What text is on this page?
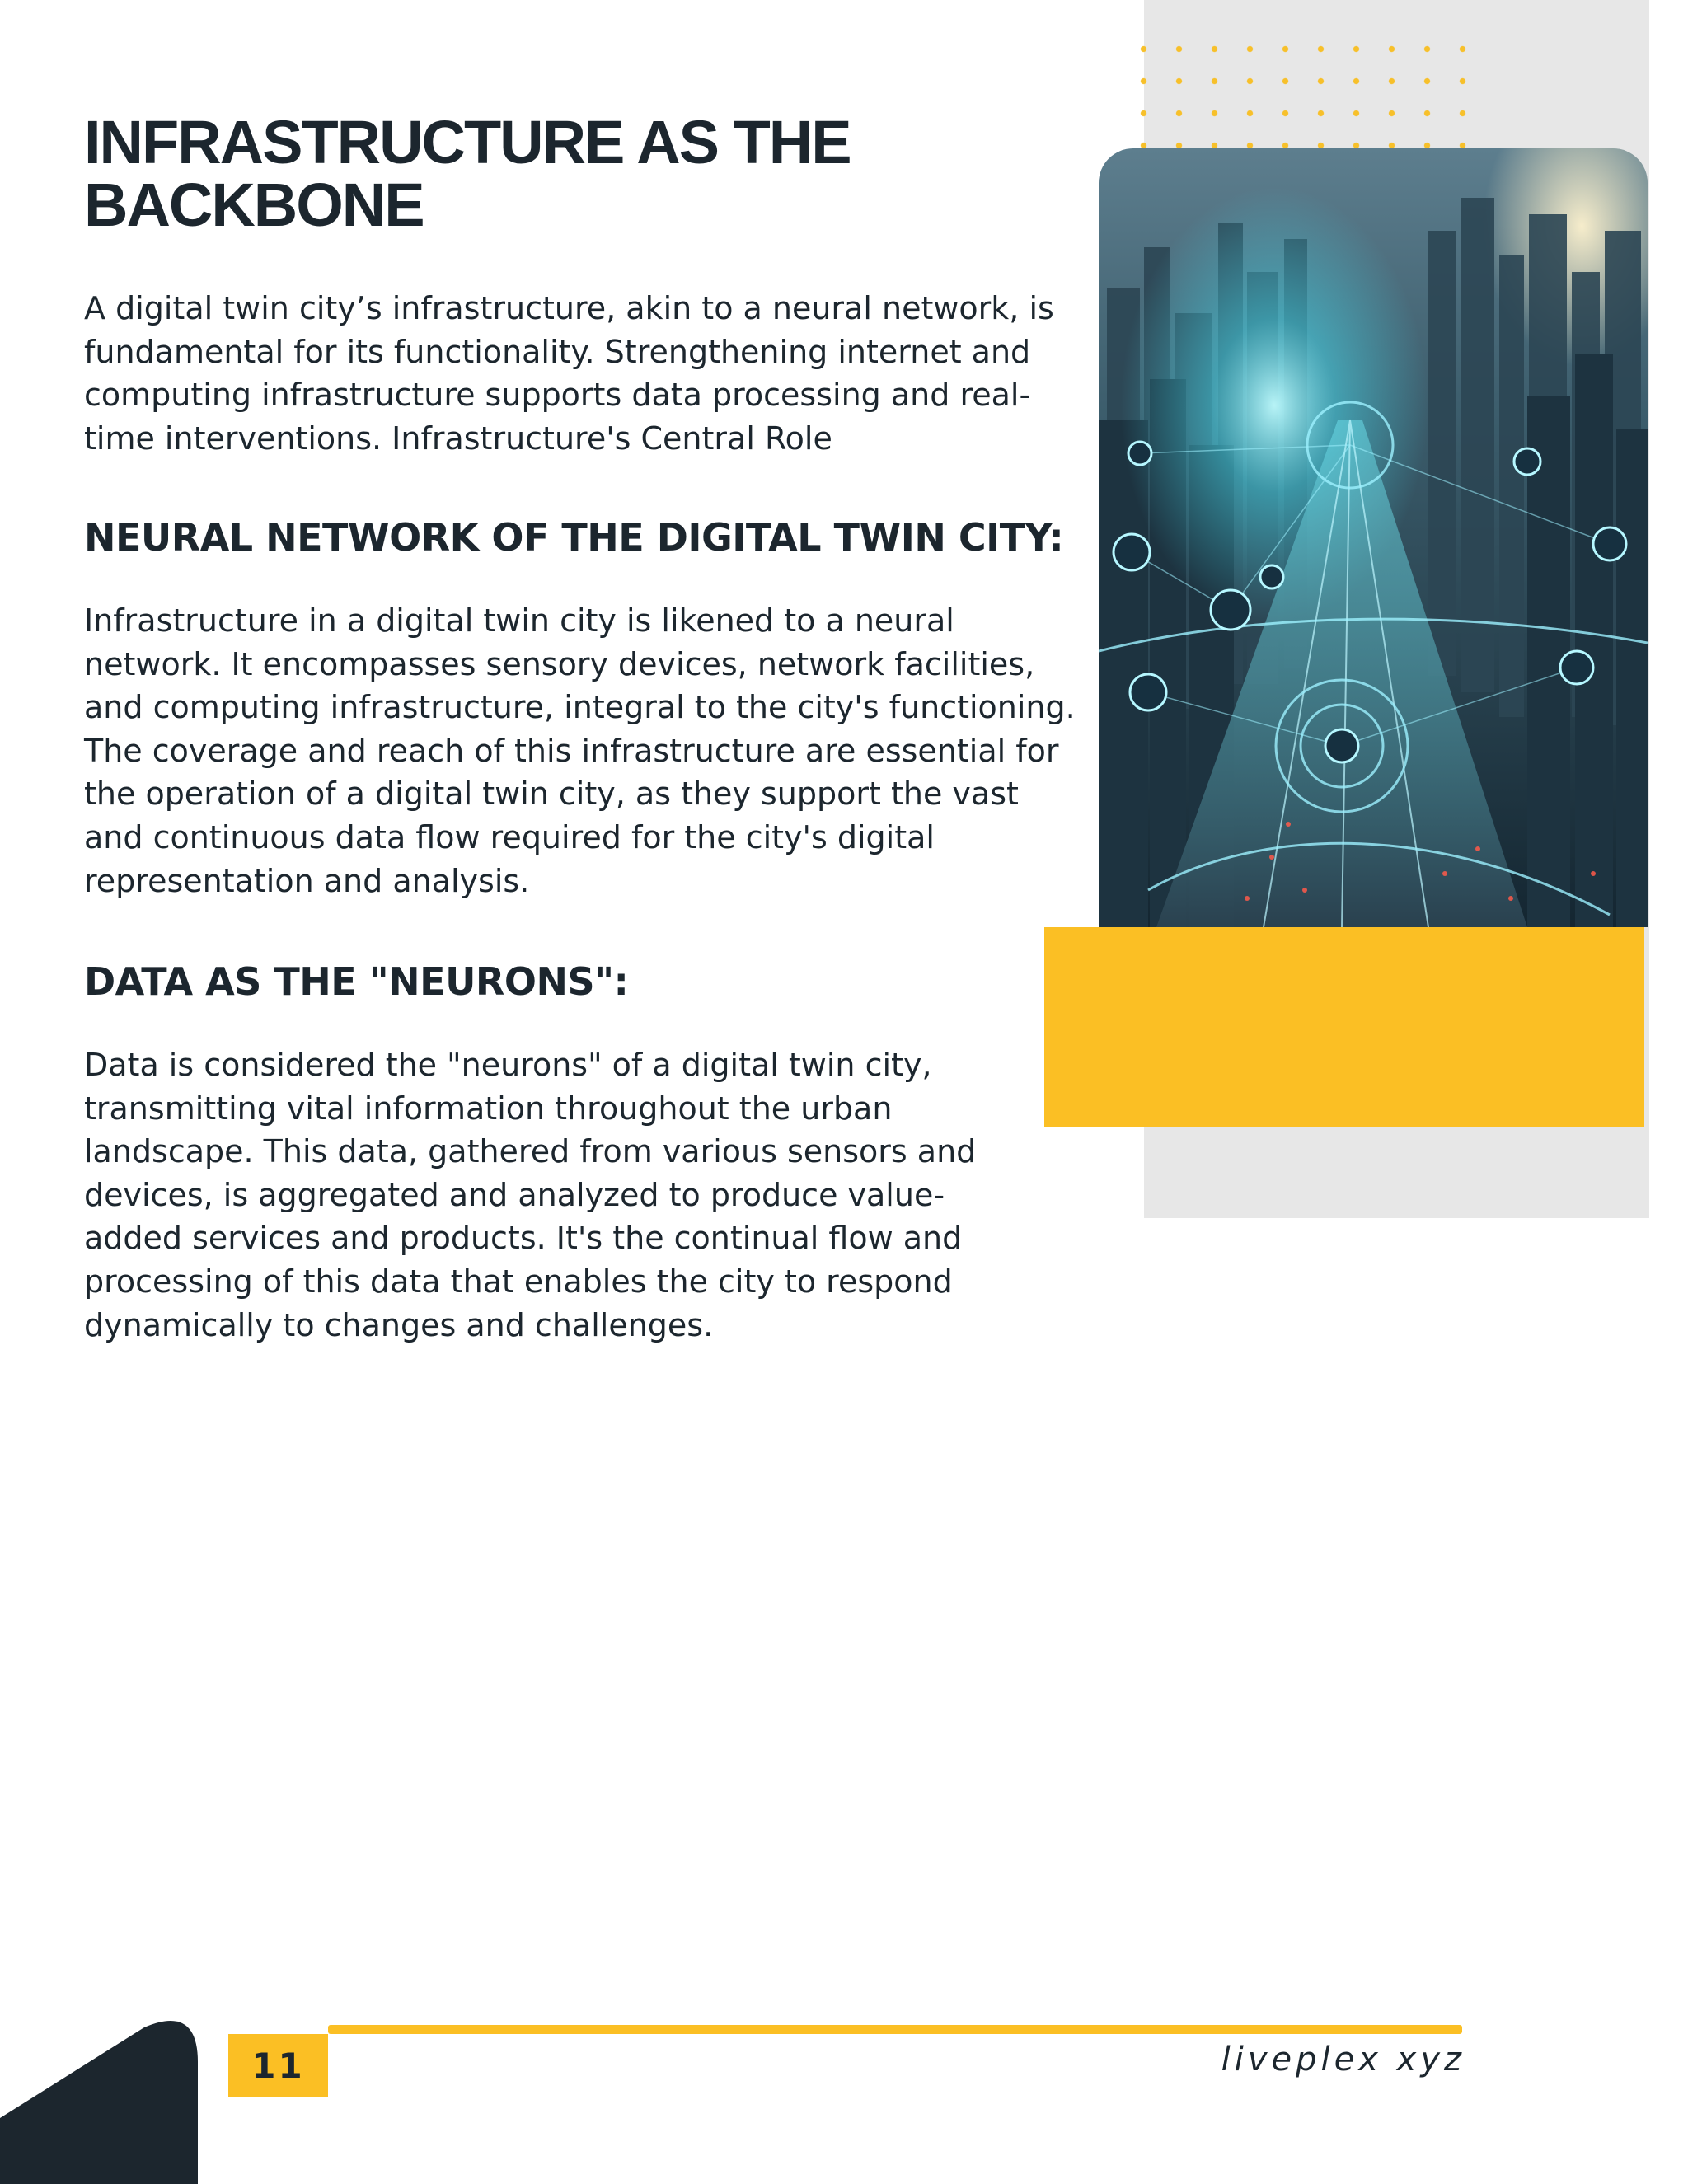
INFRASTRUCTURE AS THE
BACKBONE

A digital twin city’s infrastructure, akin to a neural network, is
fundamental for its functionality. Strengthening internet and
computing infrastructure supports data processing and real-
time interventions. Infrastructure's Central Role

NEURAL NETWORK OF THE DIGITAL TWIN CITY:

Infrastructure in a digital twin city is likened to a neural
network. It encompasses sensory devices, network facilities,
and computing infrastructure, integral to the city's functioning.
The coverage and reach of this infrastructure are essential for
the operation of a digital twin city, as they support the vast
and continuous data flow required for the city's digital
representation and analysis.

DATA AS THE "NEURONS":

Data is considered the "neurons" of a digital twin city,
transmitting vital information throughout the urban
landscape. This data, gathered from various sensors and
devices, is aggregated and analyzed to produce value-
added services and products. It's the continual flow and
processing of this data that enables the city to respond
dynamically to changes and challenges.

11	liveplex xyz
